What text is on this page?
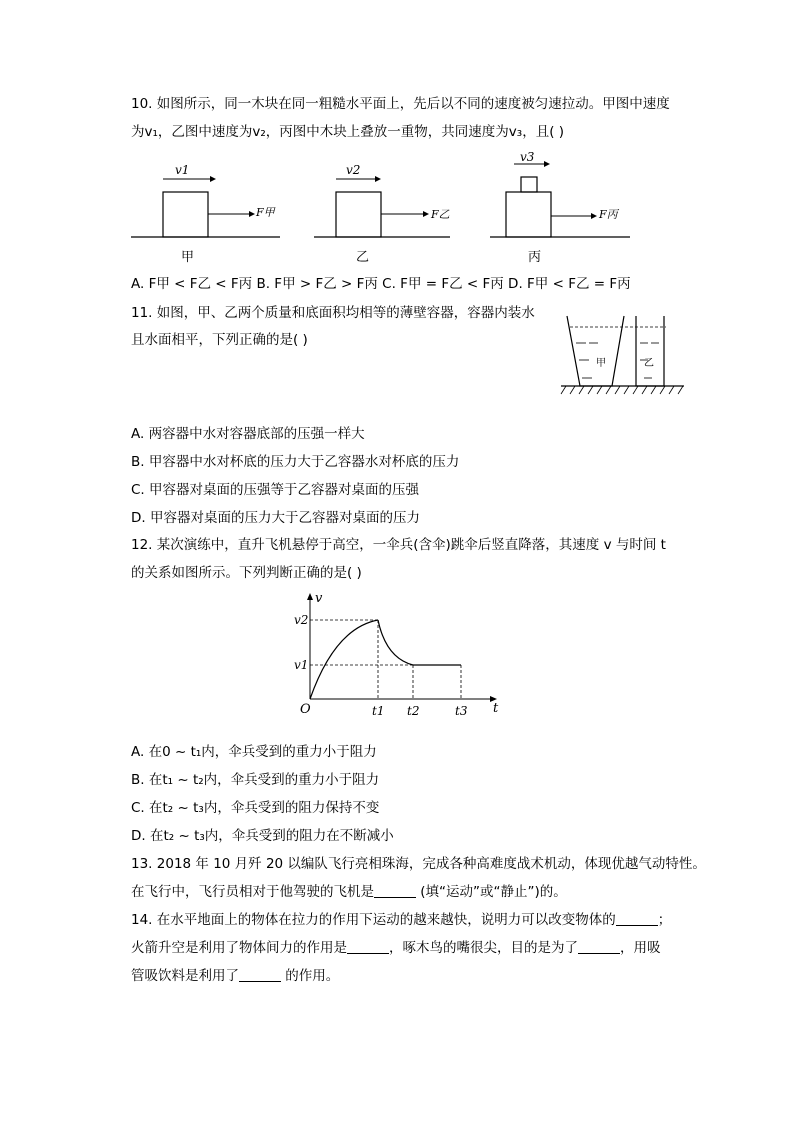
10. 如图所示，同一木块在同一粗糙水平面上，先后以不同的速度被匀速拉动。甲图中速度
为v₁，乙图中速度为v₂，丙图中木块上叠放一重物，共同速度为v₃，且( )
v1
F甲
甲
v2
F乙
乙
v3
F丙
丙
A. F甲 < F乙 < F丙 B. F甲 > F乙 > F丙 C. F甲 = F乙 < F丙 D. F甲 < F乙 = F丙
11. 如图，甲、乙两个质量和底面积均相等的薄壁容器，容器内装水
且水面相平，下列正确的是( )
甲	乙
A. 两容器中水对容器底部的压强一样大
B. 甲容器中水对杯底的压力大于乙容器水对杯底的压力
C. 甲容器对桌面的压强等于乙容器对桌面的压强
D. 甲容器对桌面的压力大于乙容器对桌面的压力
12. 某次演练中，直升飞机悬停于高空，一伞兵(含伞)跳伞后竖直降落，其速度 v 与时间 t
的关系如图所示。下列判断正确的是( )
v
t
O
v2
v1
t1 t2	t3
A. 在0 ~ t₁内，伞兵受到的重力小于阻力
B. 在t₁ ~ t₂内，伞兵受到的重力小于阻力
C. 在t₂ ~ t₃内，伞兵受到的阻力保持不变
D. 在t₂ ~ t₃内，伞兵受到的阻力在不断减小
13. 2018 年 10 月歼 20 以编队飞行亮相珠海，完成各种高难度战术机动，体现优越气动特性。
在飞行中，飞行员相对于他驾驶的飞机是	(填“运动”或“静止”)的。
14. 在水平地面上的物体在拉力的作用下运动的越来越快，说明力可以改变物体的	；
火箭升空是利用了物体间力的作用是	，啄木鸟的嘴很尖，目的是为了	，用吸
管吸饮料是利用了	的作用。
